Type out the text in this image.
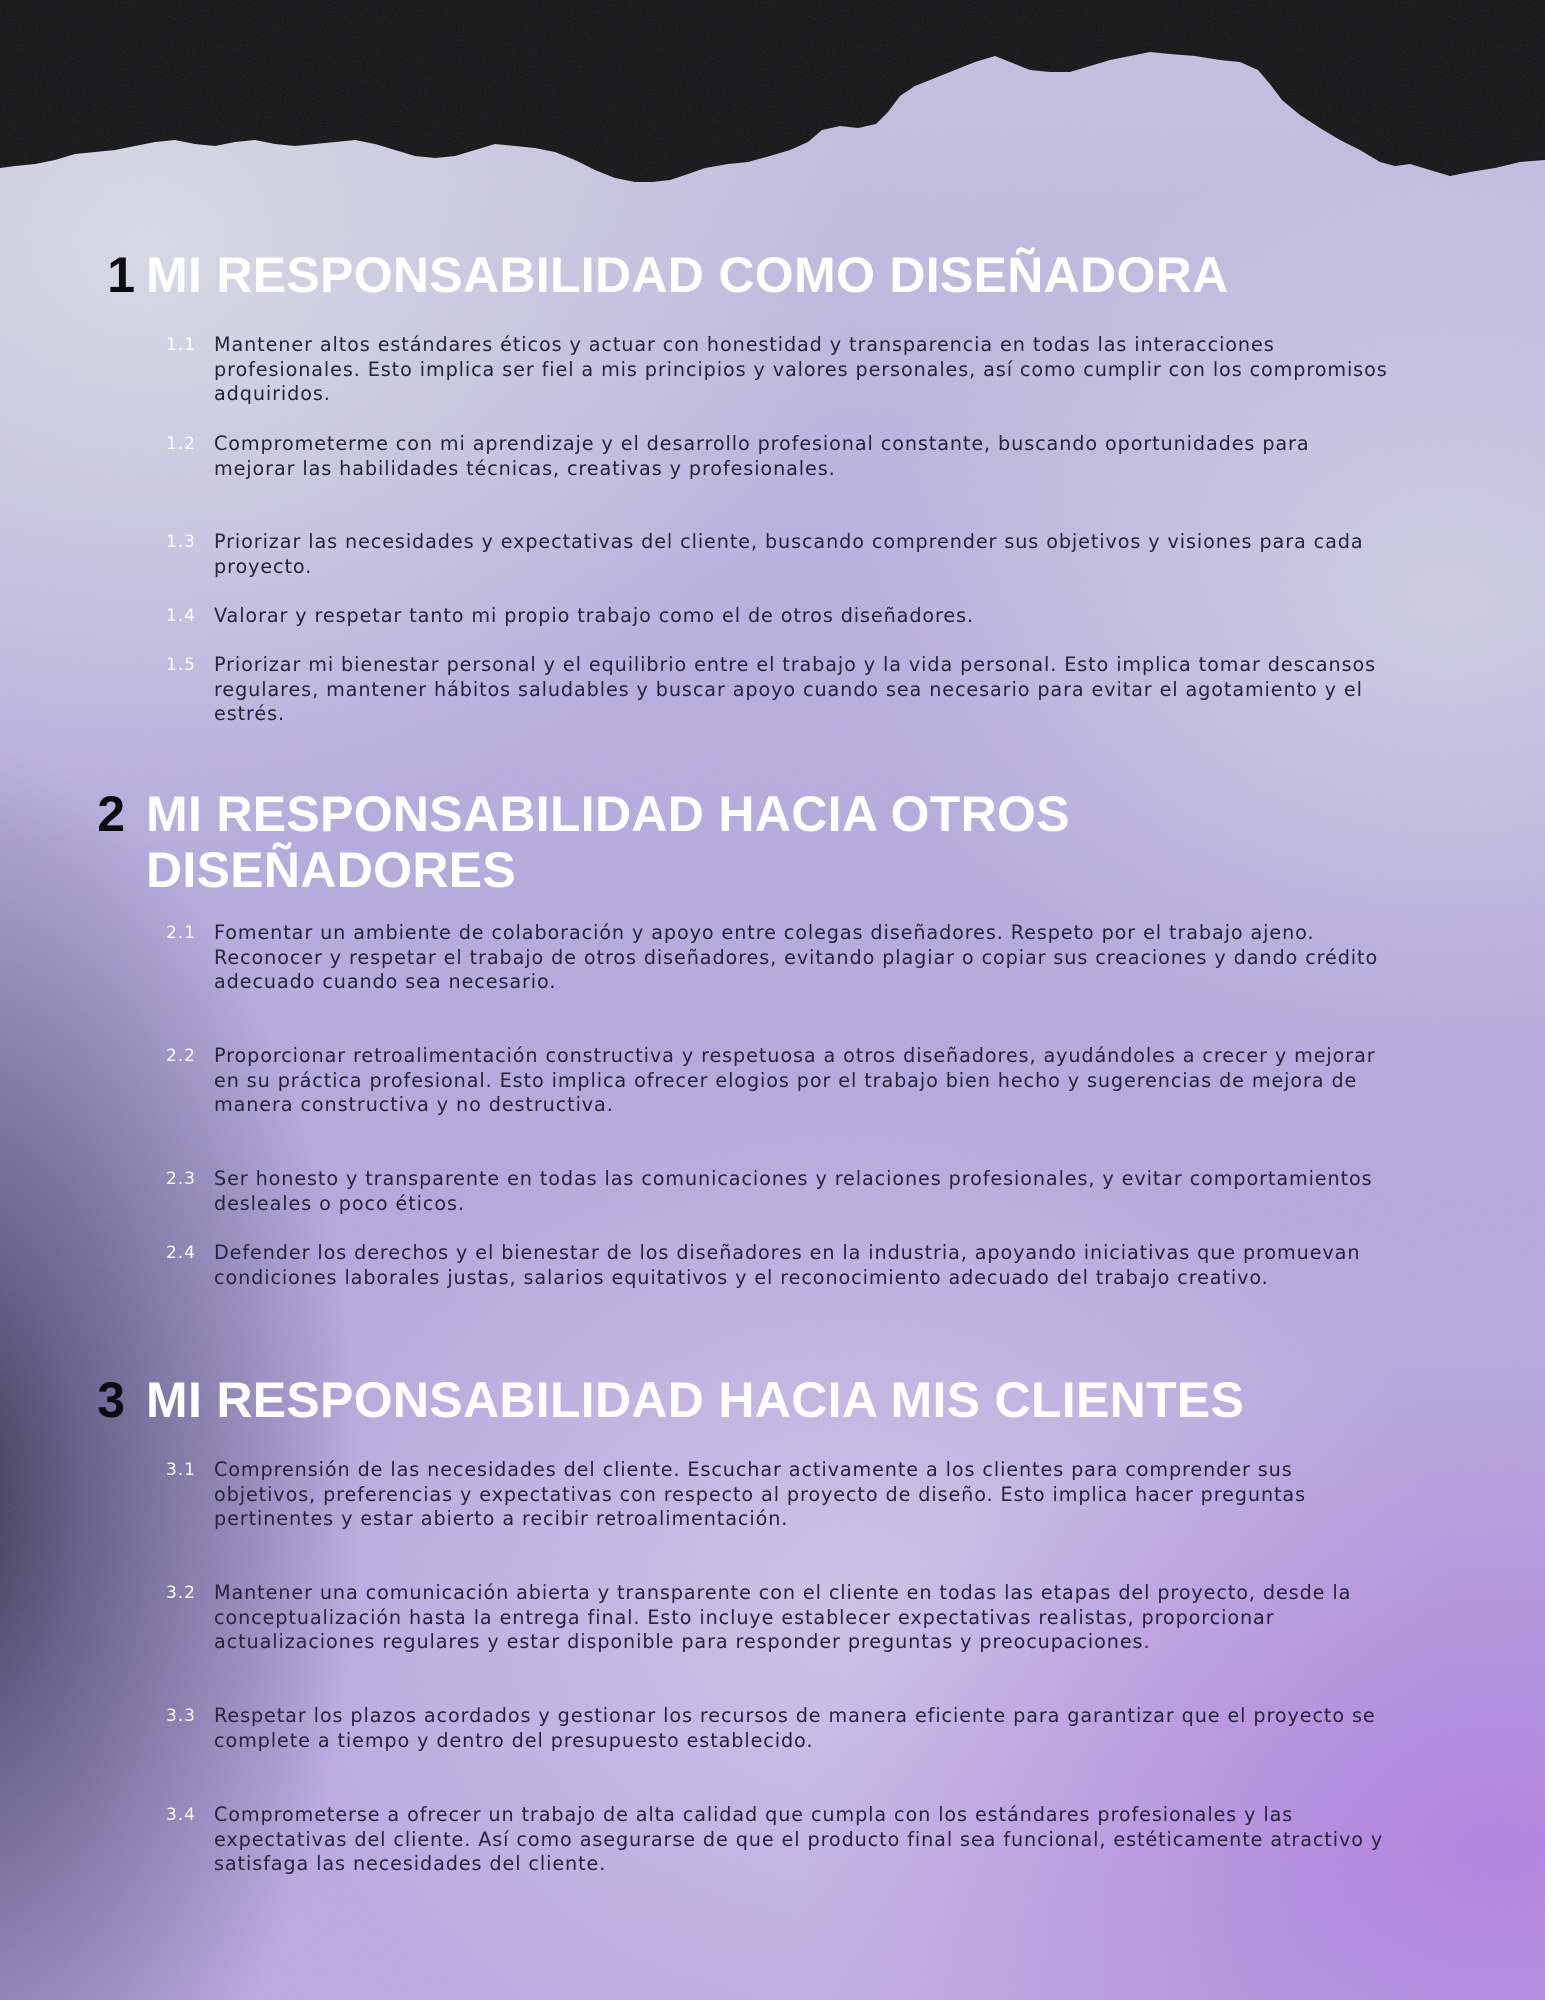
1 MI RESPONSABILIDAD COMO DISEÑADORA
1.1 Mantener altos estándares éticos y actuar con honestidad y transparencia en todas las interacciones profesionales. Esto implica ser fiel a mis principios y valores personales, así como cumplir con los compromisos adquiridos.
1.2 Comprometerme con mi aprendizaje y el desarrollo profesional constante, buscando oportunidades para mejorar las habilidades técnicas, creativas y profesionales.
1.3 Priorizar las necesidades y expectativas del cliente, buscando comprender sus objetivos y visiones para cada proyecto.
1.4 Valorar y respetar tanto mi propio trabajo como el de otros diseñadores.
1.5 Priorizar mi bienestar personal y el equilibrio entre el trabajo y la vida personal. Esto implica tomar descansos regulares, mantener hábitos saludables y buscar apoyo cuando sea necesario para evitar el agotamiento y el estrés.
2 MI RESPONSABILIDAD HACIA OTROS
DISEÑADORES
2.1 Fomentar un ambiente de colaboración y apoyo entre colegas diseñadores. Respeto por el trabajo ajeno. Reconocer y respetar el trabajo de otros diseñadores, evitando plagiar o copiar sus creaciones y dando crédito adecuado cuando sea necesario.
2.2 Proporcionar retroalimentación constructiva y respetuosa a otros diseñadores, ayudándoles a crecer y mejorar en su práctica profesional. Esto implica ofrecer elogios por el trabajo bien hecho y sugerencias de mejora de manera constructiva y no destructiva.
2.3 Ser honesto y transparente en todas las comunicaciones y relaciones profesionales, y evitar comportamientos desleales o poco éticos.
2.4 Defender los derechos y el bienestar de los diseñadores en la industria, apoyando iniciativas que promuevan condiciones laborales justas, salarios equitativos y el reconocimiento adecuado del trabajo creativo.
3 MI RESPONSABILIDAD HACIA MIS CLIENTES
3.1 Comprensión de las necesidades del cliente. Escuchar activamente a los clientes para comprender sus objetivos, preferencias y expectativas con respecto al proyecto de diseño. Esto implica hacer preguntas pertinentes y estar abierto a recibir retroalimentación.
3.2 Mantener una comunicación abierta y transparente con el cliente en todas las etapas del proyecto, desde la conceptualización hasta la entrega final. Esto incluye establecer expectativas realistas, proporcionar actualizaciones regulares y estar disponible para responder preguntas y preocupaciones.
3.3 Respetar los plazos acordados y gestionar los recursos de manera eficiente para garantizar que el proyecto se complete a tiempo y dentro del presupuesto establecido.
3.4 Comprometerse a ofrecer un trabajo de alta calidad que cumpla con los estándares profesionales y las expectativas del cliente. Así como asegurarse de que el producto final sea funcional, estéticamente atractivo y satisfaga las necesidades del cliente.
